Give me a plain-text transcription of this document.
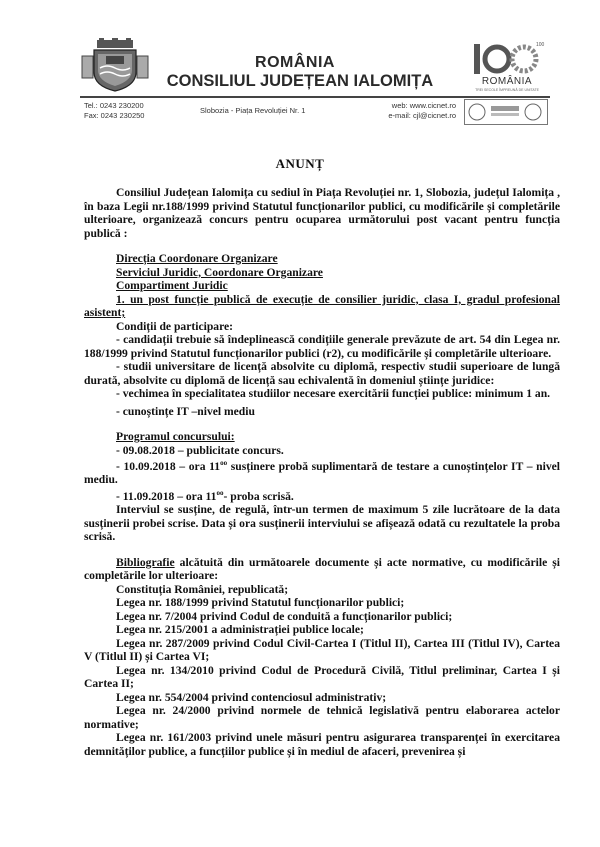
ROMÂNIA
CONSILIUL JUDEȚEAN IALOMIȚA
100
ROMÂNIA
TREI SECOLE ÎMPREUNĂ DE UNITATE
Tel.: 0243 230200
Fax: 0243 230250
Slobozia - Piața Revoluției Nr. 1
web: www.cicnet.ro
e-mail: cjl@cicnet.ro
ANUNȚ

Consiliul Județean Ialomița cu sediul în Piața Revoluției nr. 1, Slobozia, județul Ialomița , în baza Legii nr.188/1999 privind Statutul funcționarilor publici, cu modificările și completările ulterioare, organizează concurs pentru ocuparea următorului post vacant pentru funcția publică :

Direcția Coordonare Organizare

Serviciul Juridic, Coordonare Organizare

Compartiment Juridic

1. un post funcție publică de execuție de consilier juridic, clasa I, gradul profesional asistent;

Condiții de participare:

- candidații trebuie să îndeplinească condițiile generale prevăzute de art. 54 din Legea nr. 188/1999 privind Statutul funcționarilor publici (r2), cu modificările și completările ulterioare.

- studii universitare de licență absolvite cu diplomă, respectiv studii superioare de lungă durată, absolvite cu diplomă de licență sau echivalentă în domeniul științe juridice:

- vechimea în specialitatea studiilor necesare exercitării funcției publice: minimum 1 an.

- cunoștințe IT –nivel mediu

Programul concursului:

- 09.08.2018 – publicitate concurs.

- 10.09.2018 – ora $11^{oo}$ susținere probă suplimentară de testare a cunoștințelor IT – nivel mediu.

- 11.09.2018 – ora $11^{oo}-$ proba scrisă.

Interviul se susține, de regulă, într-un termen de maximum 5 zile lucrătoare de la data susținerii probei scrise. Data și ora susținerii interviului se afișează odată cu rezultatele la proba scrisă.

Bibliografie alcătuită din următoarele documente și acte normative, cu modificările și completările lor ulterioare:

Constituția României, republicată;

Legea nr. 188/1999 privind Statutul funcționarilor publici;

Legea nr. 7/2004 privind Codul de conduită a funcționarilor publici;

Legea nr. 215/2001 a administrației publice locale;

Legea nr. 287/2009 privind Codul Civil-Cartea I (Titlul II), Cartea III (Titlul IV), Cartea V (Titlul II) și Cartea VI;

Legea nr. 134/2010 privind Codul de Procedură Civilă, Titlul preliminar, Cartea I și Cartea II;

Legea nr. 554/2004 privind contenciosul administrativ;

Legea nr. 24/2000 privind normele de tehnică legislativă pentru elaborarea actelor normative;

Legea nr. 161/2003 privind unele măsuri pentru asigurarea transparenței în exercitarea demnităților publice, a funcțiilor publice și în mediul de afaceri, prevenirea și
